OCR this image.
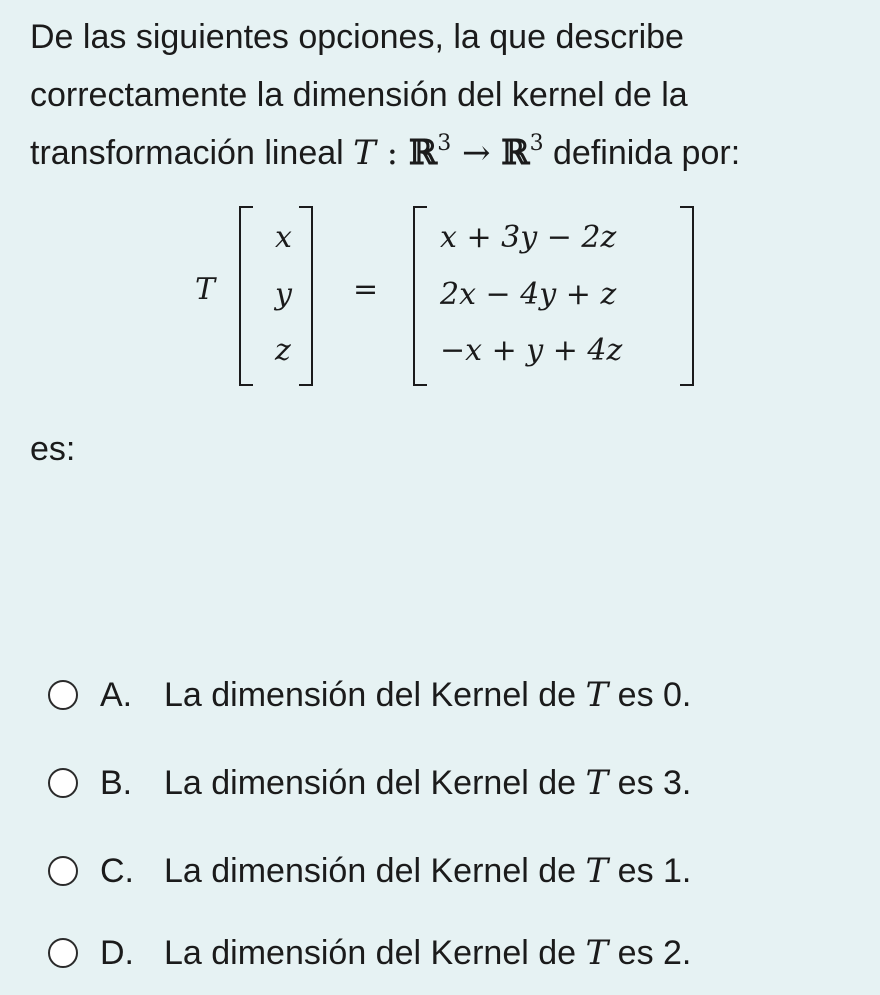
De las siguientes opciones, la que describe
correctamente la dimensión del kernel de la
transformación lineal T : ℝ$^3$ → ℝ$^3$ definida por:
T
x
y
z
=
x + 3y − 2z
2x − 4y + z
−x + y + 4z
es:
A. La dimensión del Kernel de
T
es 0.
B. La dimensión del Kernel de
T
es 3.
C. La dimensión del Kernel de
T
es 1.
D. La dimensión del Kernel de
T
es 2.
